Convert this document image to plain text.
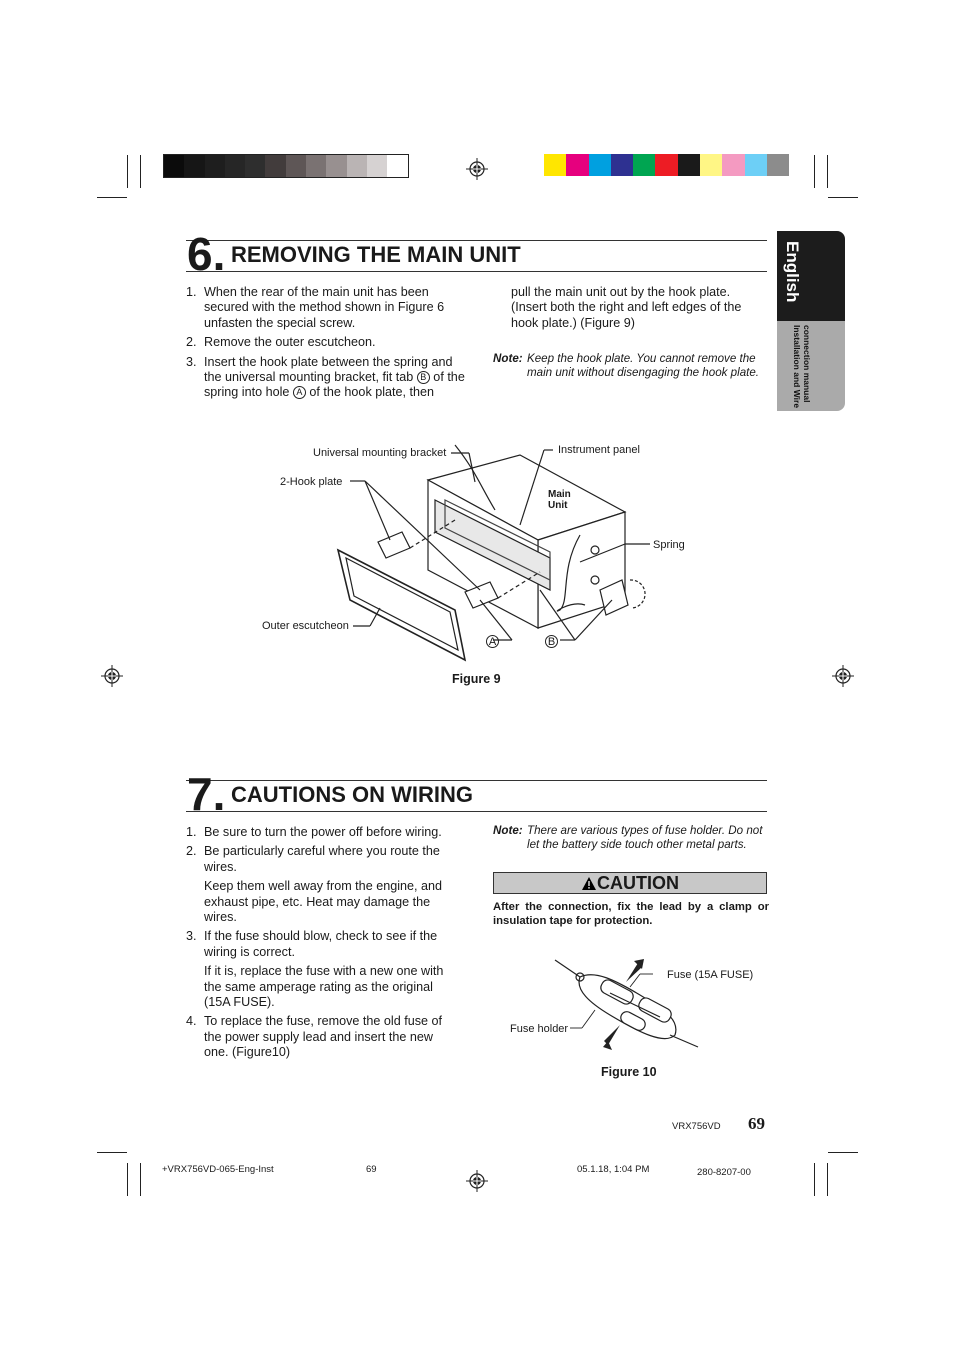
English
Installation and Wire connection manual
6. REMOVING THE MAIN UNIT
1. When the rear of the main unit has been secured with the method shown in Figure 6 unfasten the special screw.
2. Remove the outer escutcheon.
3. Insert the hook plate between the spring and the universal mounting bracket, fit tab B of the spring into hole A of the hook plate, then
pull the main unit out by the hook plate. (Insert both the right and left edges of the hook plate.) (Figure 9)
Note: Keep the hook plate. You cannot remove the main unit without disengaging the hook plate.
Universal mounting bracket	Instrument panel
2-Hook plate
Main
Unit
Spring
Outer escutcheon
A	B
Figure 9
7. CAUTIONS ON WIRING
1. Be sure to turn the power off before wiring.

2. Be particularly careful where you route the wires.

Keep them well away from the engine, and exhaust pipe, etc. Heat may damage the wires.

3. If the fuse should blow, check to see if the wiring is correct.

If it is, replace the fuse with a new one with the same amperage rating as the original (15A FUSE).

4. To replace the fuse, remove the old fuse of the power supply lead and insert the new one. (Figure10)

Note: There are various types of fuse holder. Do not let the battery side touch other metal parts.
CAUTION
After the connection, fix the lead by a clamp or insulation tape for protection.
Fuse (15A FUSE)
Fuse holder
Figure 10
69
VRX756VD
+VRX756VD-065-Eng-Inst	69	05.1.18, 1:04 PM	280-8207-00
